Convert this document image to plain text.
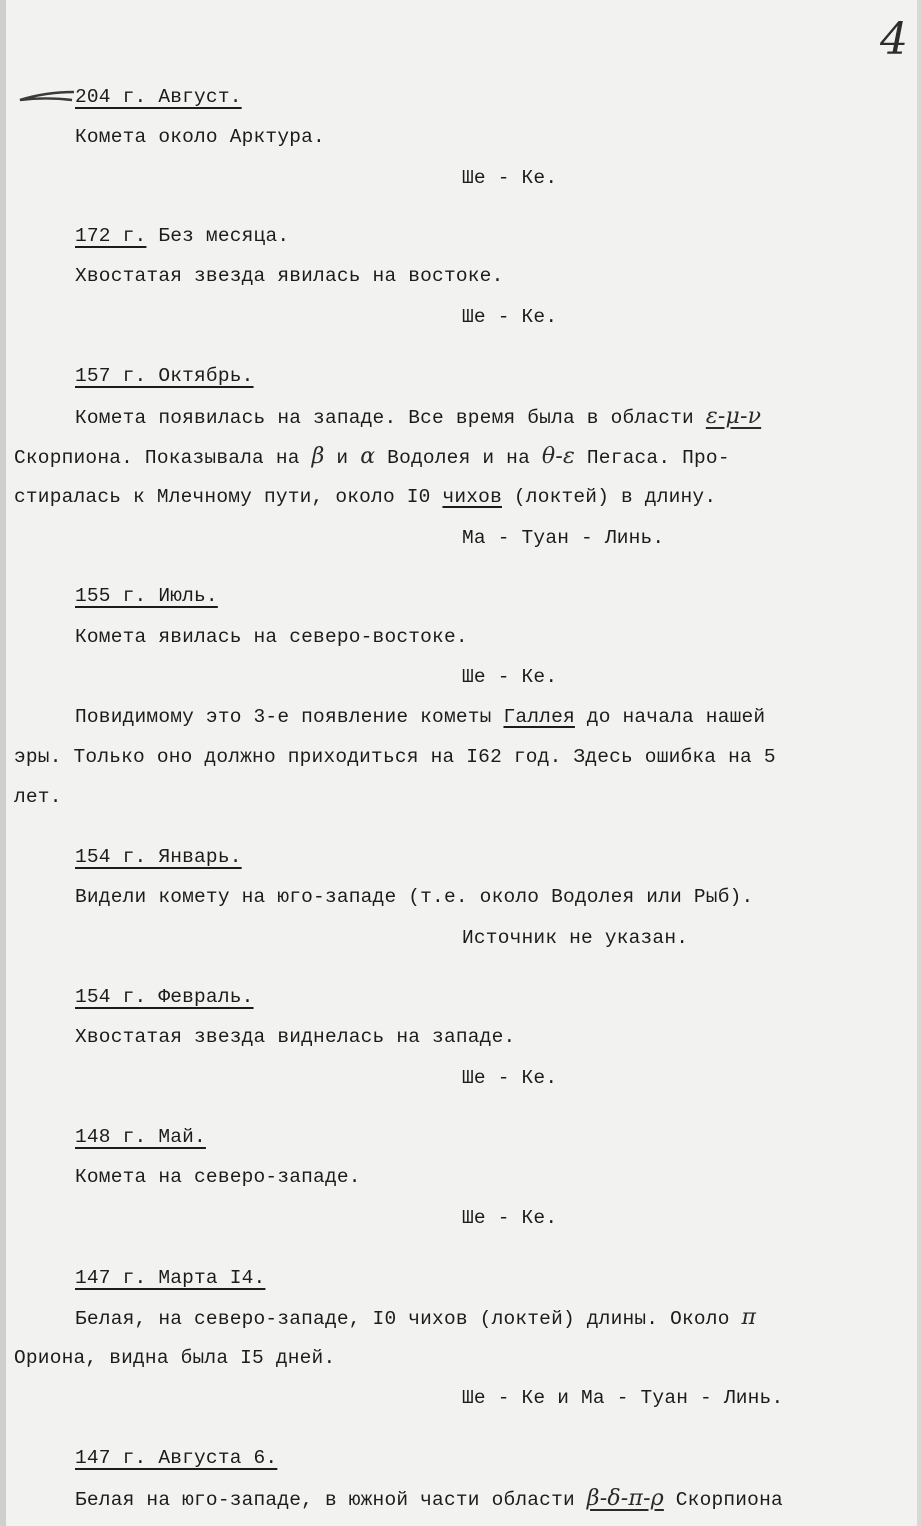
4
204 г. Август.
Комета около Арктура.
Ше - Ке.
172 г. Без месяца.
Хвостатая звезда явилась на востоке.
Ше - Ке.
157 г. Октябрь.
Комета появилась на западе. Все время была в области ε-μ-ν
Скорпиона. Показывала на β и α Водолея и на θ-ε Пегаса. Про-
стиралась к Млечному пути, около I0 чихов (локтей) в длину.
Ма - Туан - Линь.
155 г. Июль.
Комета явилась на северо-востоке.
Ше - Ке.
Повидимому это 3-е появление кометы Галлея до начала нашей
эры. Только оно должно приходиться на I62 год. Здесь ошибка на 5
лет.
154 г. Январь.
Видели комету на юго-западе (т.е. около Водолея или Рыб).
Источник не указан.
154 г. Февраль.
Хвостатая звезда виднелась на западе.
Ше - Ке.
148 г. Май.
Комета на северо-западе.
Ше - Ке.
147 г. Марта I4.
Белая, на северо-западе, I0 чихов (локтей) длины. Около π
Ориона, видна была I5 дней.
Ше - Ке и Ма - Туан - Линь.
147 г. Августа 6.
Белая на юго-западе, в южной части области β-δ-π-ρ Скорпиона
